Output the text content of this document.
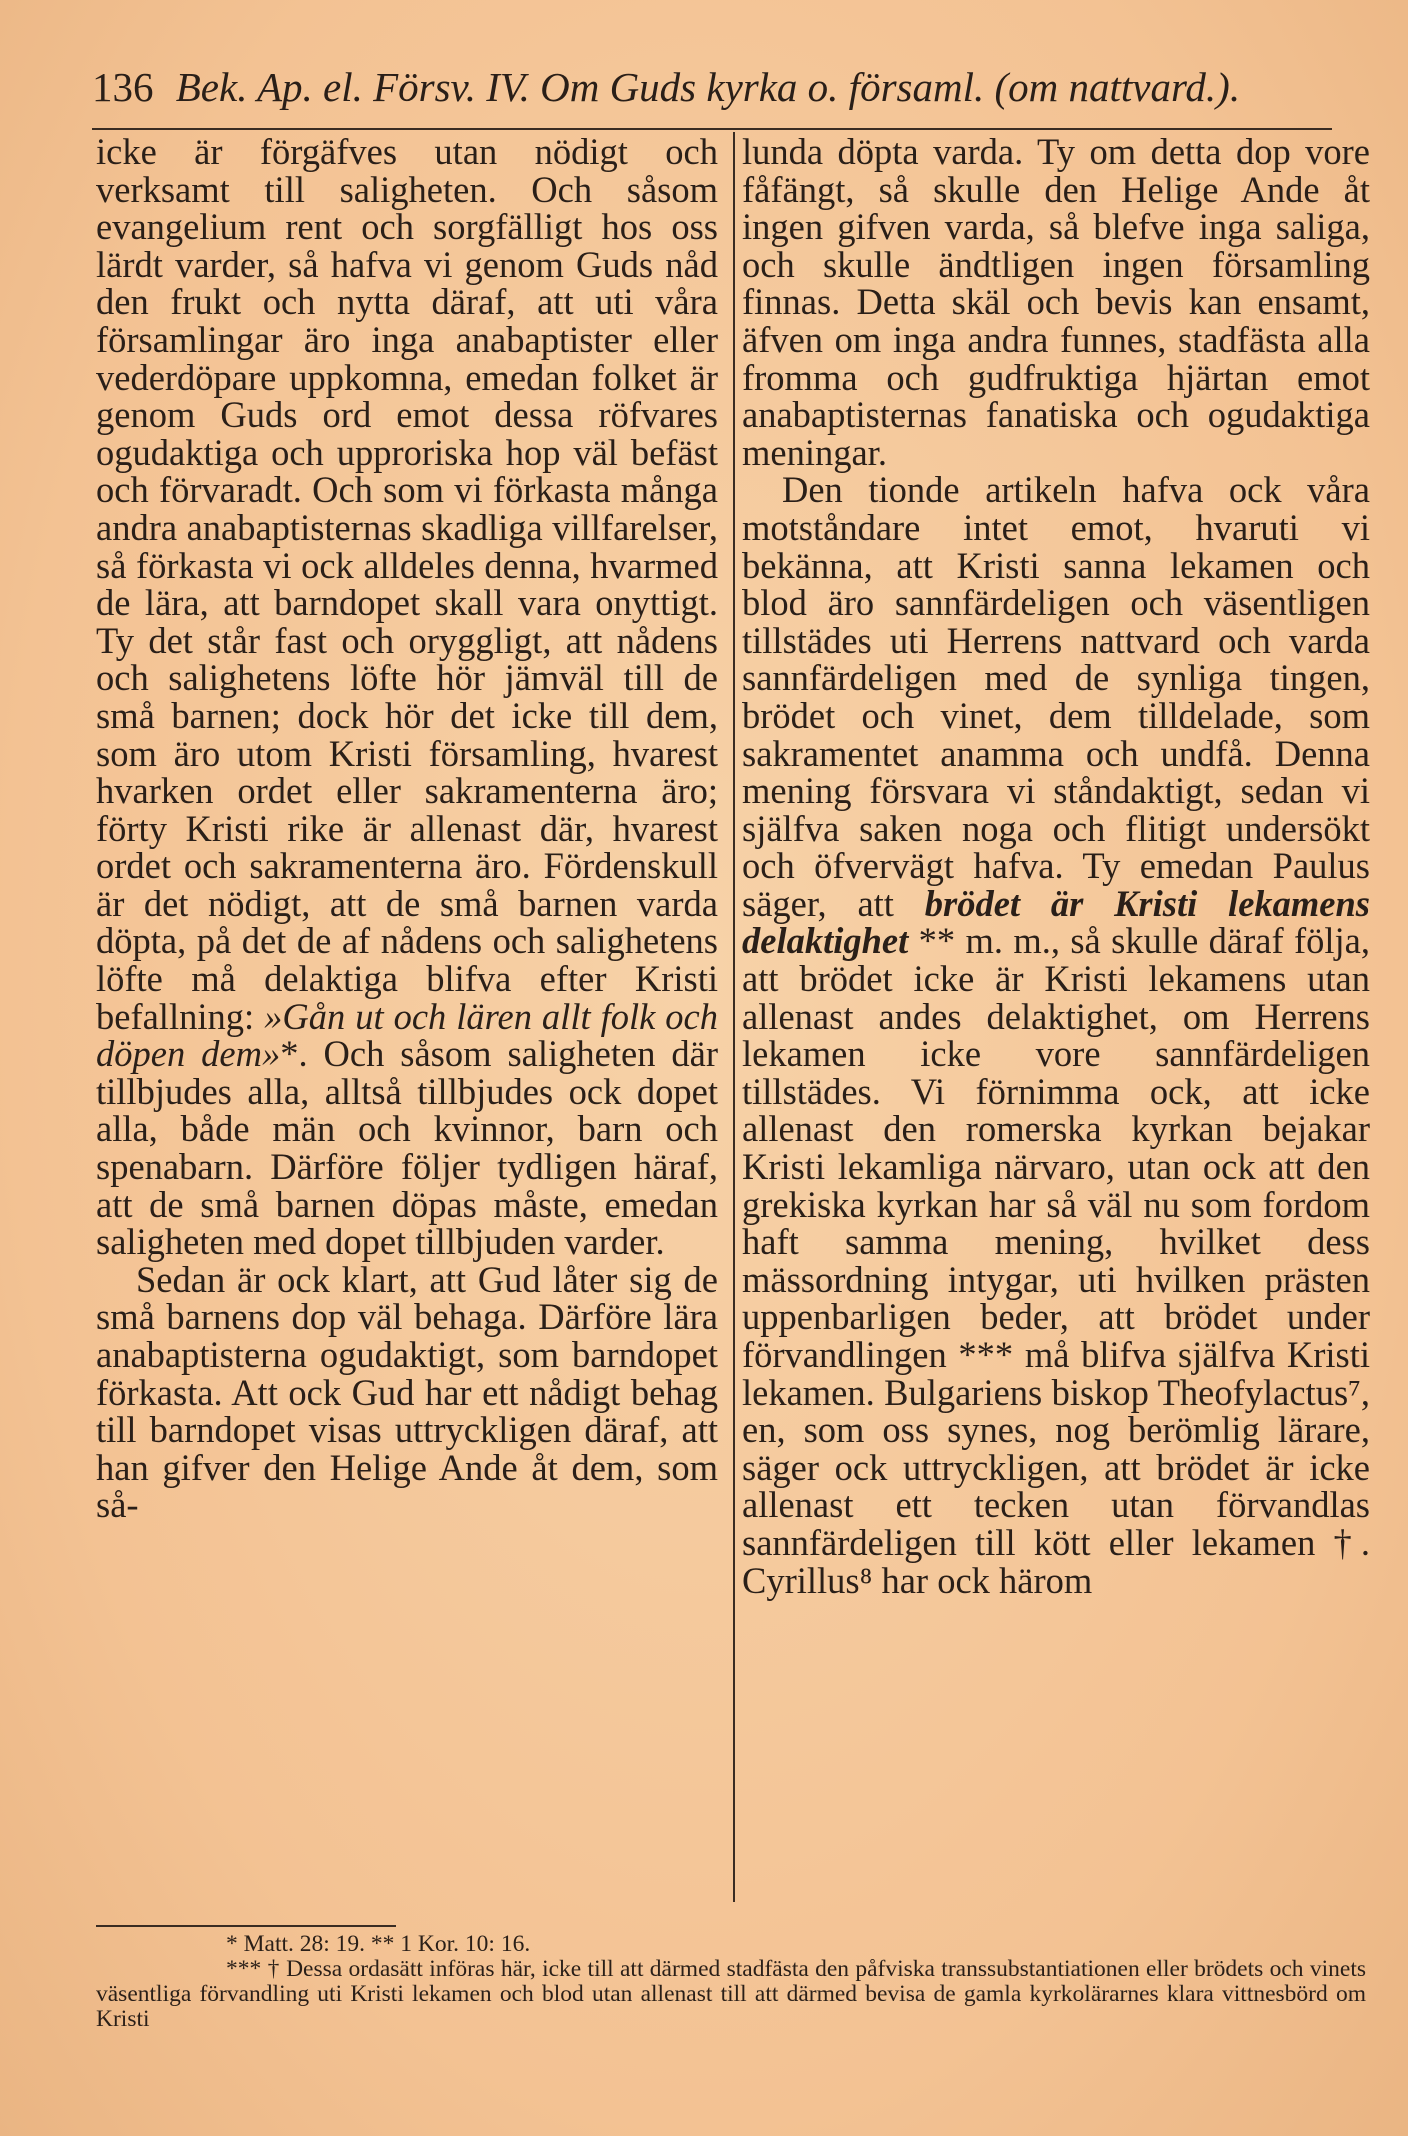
136 Bek. Ap. el. Försv. IV. Om Guds kyrka o. församl. (om nattvard.).

icke är förgäfves utan nödigt och verksamt till saligheten. Och såsom evangelium rent och sorgfälligt hos oss lärdt varder, så hafva vi genom Guds nåd den frukt och nytta däraf, att uti våra församlingar äro inga anabaptister eller vederdöpare uppkomna, emedan folket är genom Guds ord emot dessa röfvares ogudaktiga och upproriska hop väl befäst och förvaradt. Och som vi förkasta många andra anabaptisternas skadliga villfarelser, så förkasta vi ock alldeles denna, hvarmed de lära, att barndopet skall vara onyttigt. Ty det står fast och oryggligt, att nådens och salighetens löfte hör jämväl till de små barnen; dock hör det icke till dem, som äro utom Kristi församling, hvarest hvarken ordet eller sakramenterna äro; förty Kristi rike är allenast där, hvarest ordet och sakramenterna äro. Fördenskull är det nödigt, att de små barnen varda döpta, på det de af nådens och salighetens löfte må delaktiga blifva efter Kristi befallning: »Gån ut och lären allt folk och döpen dem»*. Och såsom saligheten där tillbjudes alla, alltså tillbjudes ock dopet alla, både män och kvinnor, barn och spenabarn. Därföre följer tydligen häraf, att de små barnen döpas måste, emedan saligheten med dopet tillbjuden varder.

Sedan är ock klart, att Gud låter sig de små barnens dop väl behaga. Därföre lära anabaptisterna ogudaktigt, som barndopet förkasta. Att ock Gud har ett nådigt behag till barndopet visas uttryckligen däraf, att han gifver den Helige Ande åt dem, som så-

lunda döpta varda. Ty om detta dop vore fåfängt, så skulle den Helige Ande åt ingen gifven varda, så blefve inga saliga, och skulle ändtligen ingen församling finnas. Detta skäl och bevis kan ensamt, äfven om inga andra funnes, stadfästa alla fromma och gudfruktiga hjärtan emot anabaptisternas fanatiska och ogudaktiga meningar.

Den tionde artikeln hafva ock våra motståndare intet emot, hvaruti vi bekänna, att Kristi sanna lekamen och blod äro sannfärdeligen och väsentligen tillstädes uti Herrens nattvard och varda sannfärdeligen med de synliga tingen, brödet och vinet, dem tilldelade, som sakramentet anamma och undfå. Denna mening försvara vi ståndaktigt, sedan vi själfva saken noga och flitigt undersökt och öfvervägt hafva. Ty emedan Paulus säger, att brödet är Kristi lekamens delaktighet ** m. m., så skulle däraf följa, att brödet icke är Kristi lekamens utan allenast andes delaktighet, om Herrens lekamen icke vore sannfärdeligen tillstädes. Vi förnimma ock, att icke allenast den romerska kyrkan bejakar Kristi lekamliga närvaro, utan ock att den grekiska kyrkan har så väl nu som fordom haft samma mening, hvilket dess mässordning intygar, uti hvilken prästen uppenbarligen beder, att brödet under förvandlingen *** må blifva själfva Kristi lekamen. Bulgariens biskop Theofylactus⁷, en, som oss synes, nog berömlig lärare, säger ock uttryckligen, att brödet är icke allenast ett tecken utan förvandlas sannfärdeligen till kött eller lekamen †. Cyrillus⁸ har ock härom

* Matt. 28: 19. ** 1 Kor. 10: 16.
*** † Dessa ordasätt införas här, icke till att därmed stadfästa den påfviska transsubstantiationen eller brödets och vinets väsentliga förvandling uti Kristi lekamen och blod utan allenast till att därmed bevisa de gamla kyrkolärarnes klara vittnesbörd om Kristi
